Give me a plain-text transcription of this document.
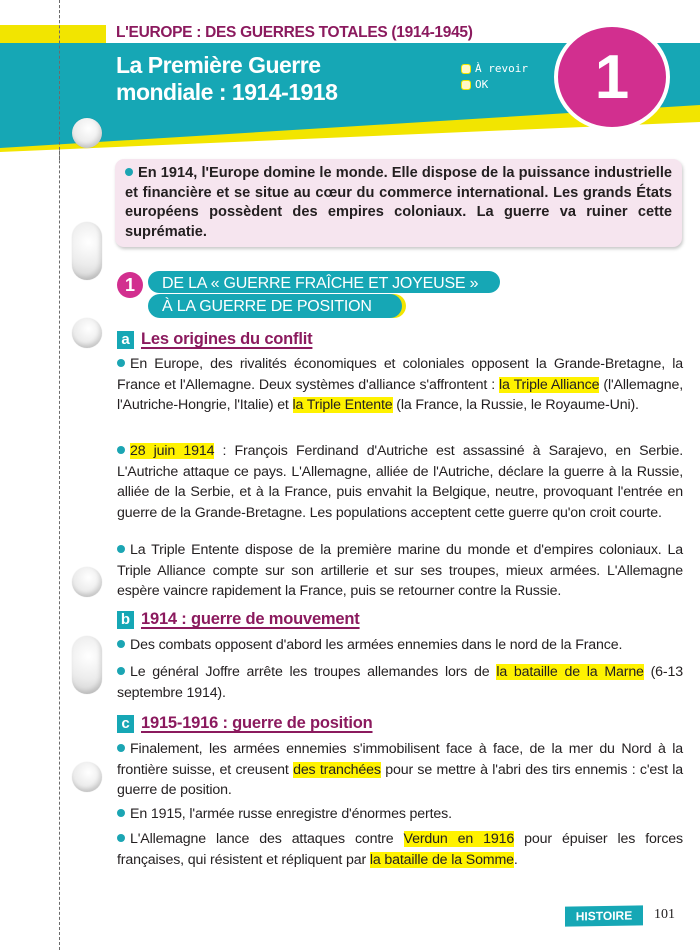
L'EUROPE : DES GUERRES TOTALES (1914-1945)
La Première Guerre
mondiale : 1914-1918
À revoir
OK	1
En 1914, l'Europe domine le monde. Elle dispose de la puissance industrielle et financière et se situe au cœur du commerce international. Les grands États européens possèdent des empires coloniaux. La guerre va ruiner cette suprématie.
1	DE LA « GUERRE FRAÎCHE ET JOYEUSE »
À LA GUERRE DE POSITION
a Les origines du conflit
En Europe, des rivalités économiques et coloniales opposent la Grande-Bretagne, la France et l'Allemagne. Deux systèmes d'alliance s'affrontent : la Triple Alliance (l'Allemagne, l'Autriche-Hongrie, l'Italie) et la Triple Entente (la France, la Russie, le Royaume-Uni).
28 juin 1914 : François Ferdinand d'Autriche est assassiné à Sarajevo, en Serbie. L'Autriche attaque ce pays. L'Allemagne, alliée de l'Autriche, déclare la guerre à la Russie, alliée de la Serbie, et à la France, puis envahit la Belgique, neutre, provoquant l'entrée en guerre de la Grande-Bretagne. Les populations acceptent cette guerre qu'on croit courte.
La Triple Entente dispose de la première marine du monde et d'empires coloniaux. La Triple Alliance compte sur son artillerie et sur ses troupes, mieux armées. L'Allemagne espère vaincre rapidement la France, puis se retourner contre la Russie.
b 1914 : guerre de mouvement
Des combats opposent d'abord les armées ennemies dans le nord de la France.
Le général Joffre arrête les troupes allemandes lors de la bataille de la Marne (6-13 septembre 1914).
c 1915-1916 : guerre de position
Finalement, les armées ennemies s'immobilisent face à face, de la mer du Nord à la frontière suisse, et creusent des tranchées pour se mettre à l'abri des tirs ennemis : c'est la guerre de position.
En 1915, l'armée russe enregistre d'énormes pertes.
L'Allemagne lance des attaques contre Verdun en 1916 pour épuiser les forces françaises, qui résistent et répliquent par la bataille de la Somme.
HISTOIRE	101
